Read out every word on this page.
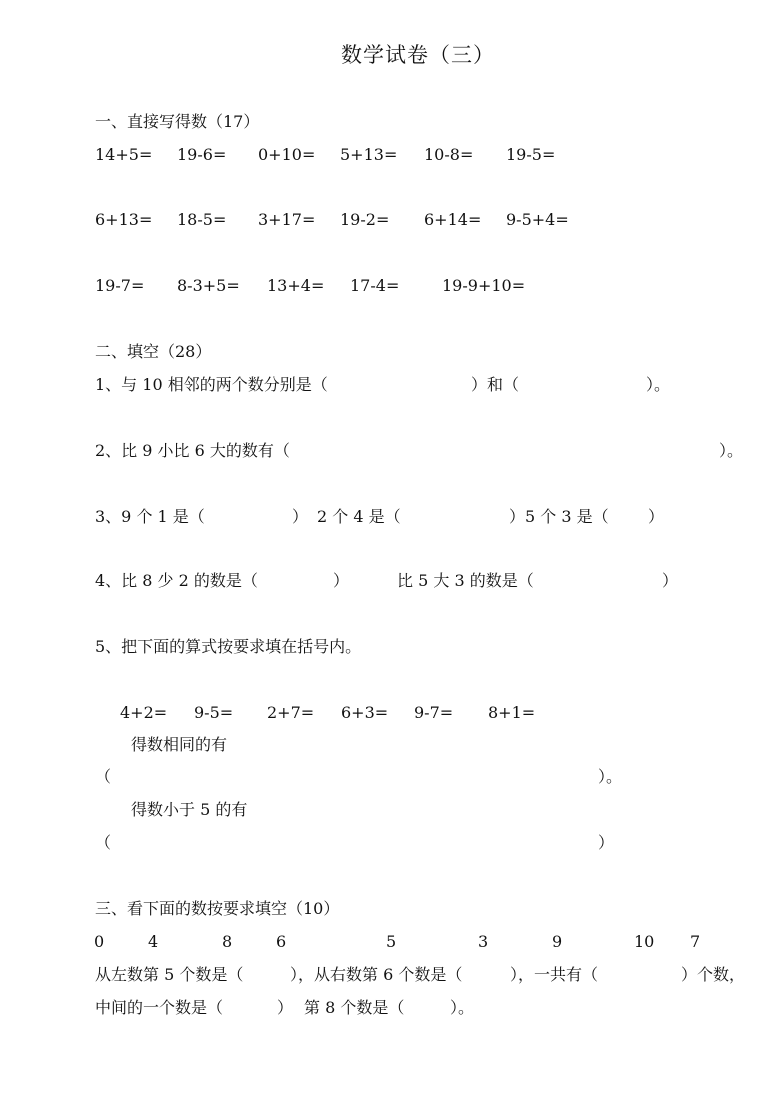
数学试卷（三）
一、直接写得数（17）
14+5= 19-6= 0+10= 5+13= 10-8= 19-5=
6+13= 18-5= 3+17= 19-2= 6+14= 9-5+4=
19-7= 8-3+5= 13+4= 17-4=	19-9+10=
二、填空（28）
1、与 10 相邻的两个数分别是（	）和（	）。
2、比 9 小比 6 大的数有（	）。
3、9 个 1 是（	） 2 个 4 是（	）5 个 3 是（ ）
4、比 8 少 2 的数是（	）	比 5 大 3 的数是（	）
5、把下面的算式按要求填在括号内。
4+2= 9-5= 2+7= 6+3= 9-7= 8+1=
得数相同的有
（	）。
得数小于 5 的有
（	）
三、看下面的数按要求填空（10）
0	4	8	6	5	3	9	10 7
从左数第 5 个数是（	），从右数第 6 个数是（	），一共有（	）个数，
中间的一个数是（	） 第 8 个数是（	）。
